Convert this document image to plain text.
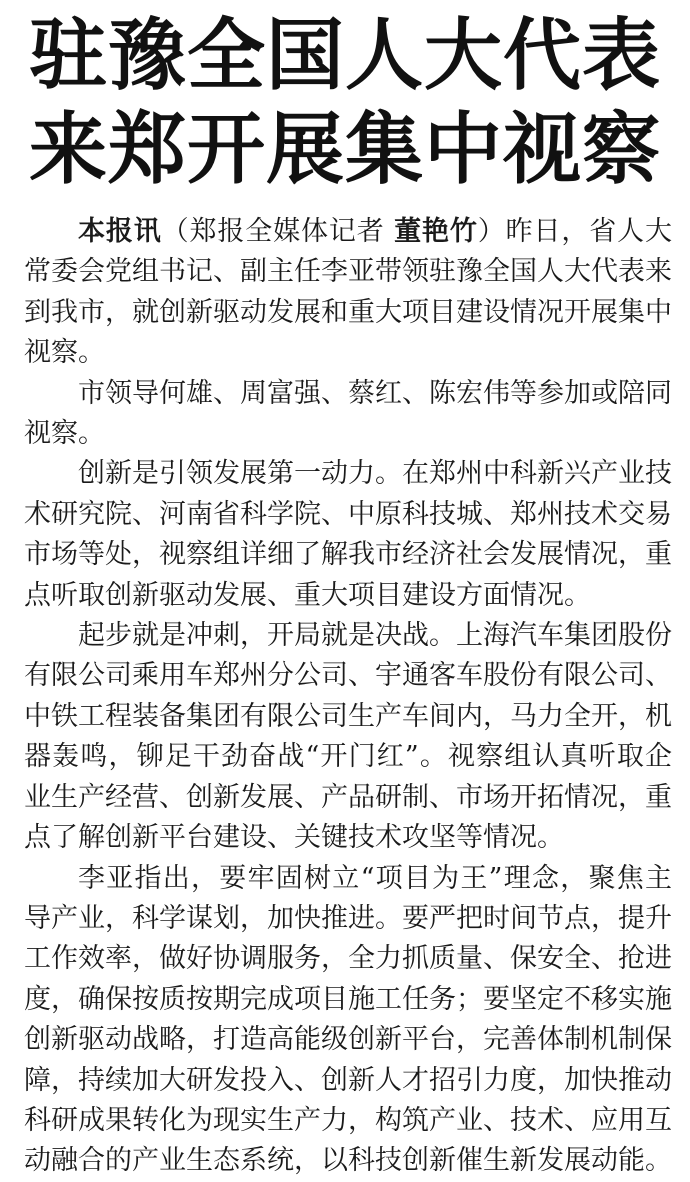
驻豫全国人大代表
来郑开展集中视察

本报讯（郑报全媒体记者 董艳竹）昨日，省人大常委会党组书记、副主任李亚带领驻豫全国人大代表来到我市，就创新驱动发展和重大项目建设情况开展集中视察。

市领导何雄、周富强、蔡红、陈宏伟等参加或陪同视察。

创新是引领发展第一动力。在郑州中科新兴产业技术研究院、河南省科学院、中原科技城、郑州技术交易市场等处，视察组详细了解我市经济社会发展情况，重点听取创新驱动发展、重大项目建设方面情况。

起步就是冲刺，开局就是决战。上海汽车集团股份有限公司乘用车郑州分公司、宇通客车股份有限公司、中铁工程装备集团有限公司生产车间内，马力全开，机器轰鸣，铆足干劲奋战“开门红”。视察组认真听取企业生产经营、创新发展、产品研制、市场开拓情况，重点了解创新平台建设、关键技术攻坚等情况。

李亚指出，要牢固树立“项目为王”理念，聚焦主导产业，科学谋划，加快推进。要严把时间节点，提升工作效率，做好协调服务，全力抓质量、保安全、抢进度，确保按质按期完成项目施工任务；要坚定不移实施创新驱动战略，打造高能级创新平台，完善体制机制保障，持续加大研发投入、创新人才招引力度，加快推动科研成果转化为现实生产力，构筑产业、技术、应用互动融合的产业生态系统，以科技创新催生新发展动能。
